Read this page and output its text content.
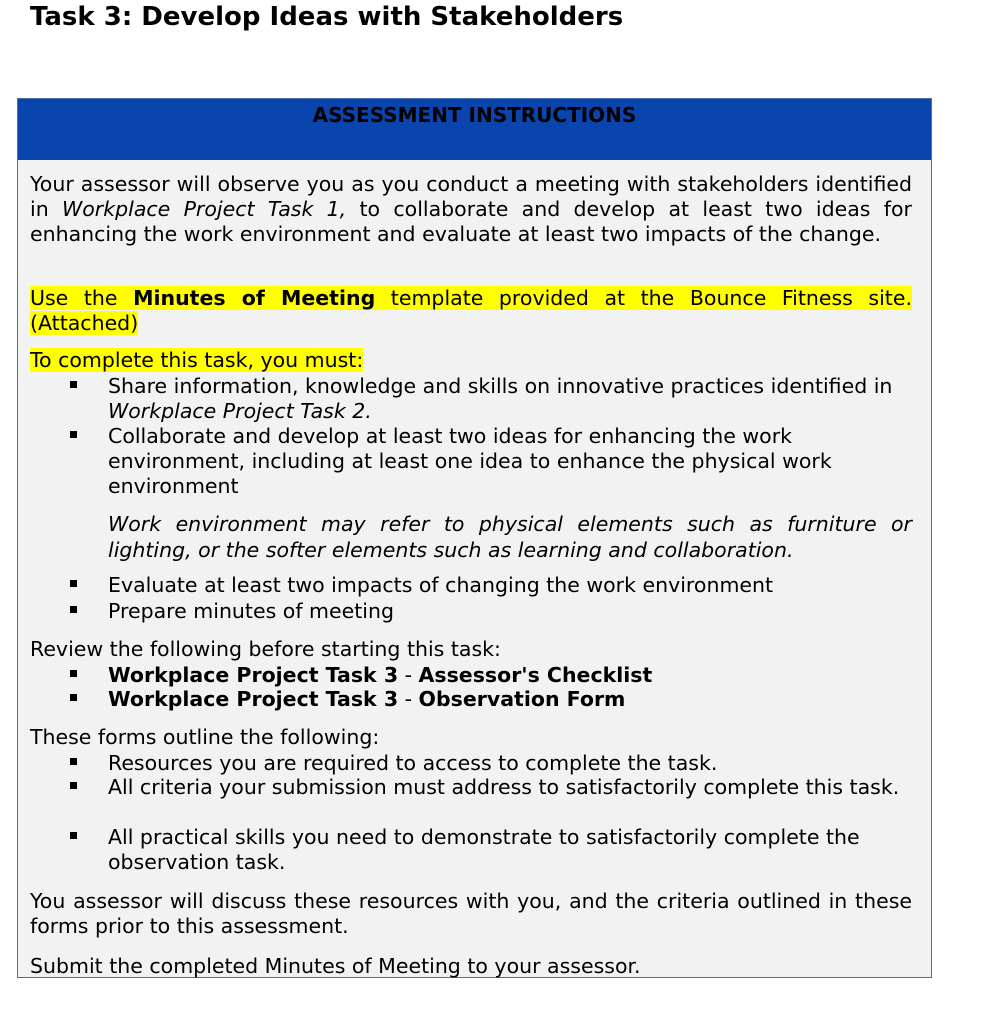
Task 3: Develop Ideas with Stakeholders
ASSESSMENT INSTRUCTIONS

Your assessor will observe you as you conduct a meeting with stakeholders identified in Workplace Project Task 1, to collaborate and develop at least two ideas for enhancing the work environment and evaluate at least two impacts of the change.

Use the Minutes of Meeting template provided at the Bounce Fitness site. (Attached)

To complete this task, you must:

Share information, knowledge and skills on innovative practices identified in Workplace Project Task 2.

Collaborate and develop at least two ideas for enhancing the work environment, including at least one idea to enhance the physical work environment

Work environment may refer to physical elements such as furniture or lighting, or the softer elements such as learning and collaboration.

Evaluate at least two impacts of changing the work environment

Prepare minutes of meeting

Review the following before starting this task:

Workplace Project Task 3 - Assessor's Checklist

Workplace Project Task 3 - Observation Form

These forms outline the following:

Resources you are required to access to complete the task.

All criteria your submission must address to satisfactorily complete this task.

All practical skills you need to demonstrate to satisfactorily complete the observation task.

You assessor will discuss these resources with you, and the criteria outlined in these forms prior to this assessment.

Submit the completed Minutes of Meeting to your assessor.
